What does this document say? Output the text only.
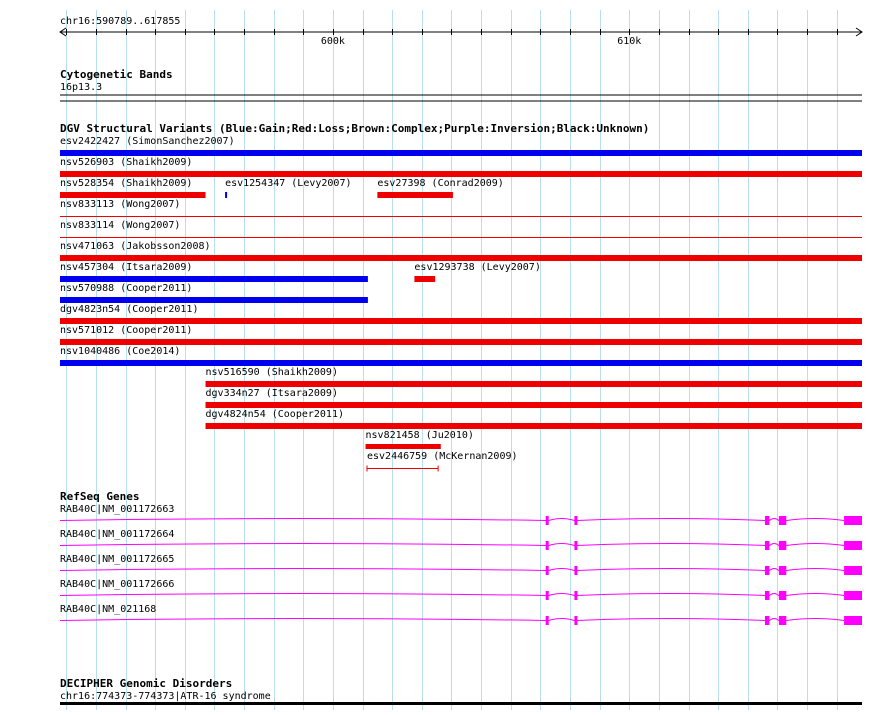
chr16:590789..617855
600k	610k
Cytogenetic Bands
16p13.3
DGV Structural Variants (Blue:Gain;Red:Loss;Brown:Complex;Purple:Inversion;Black:Unknown)
esv2422427 (SimonSanchez2007)
nsv526903 (Shaikh2009)
nsv528354 (Shaikh2009)	esv1254347 (Levy2007)	esv27398 (Conrad2009)
nsv833113 (Wong2007)
nsv833114 (Wong2007)
nsv471063 (Jakobsson2008)
nsv457304 (Itsara2009)	esv1293738 (Levy2007)
nsv570988 (Cooper2011)
dgv4823n54 (Cooper2011)
nsv571012 (Cooper2011)
nsv1040486 (Coe2014)
nsv516590 (Shaikh2009)
dgv334n27 (Itsara2009)
dgv4824n54 (Cooper2011)
nsv821458 (Ju2010)
esv2446759 (McKernan2009)
RefSeq Genes
RAB40C|NM_001172663
RAB40C|NM_001172664
RAB40C|NM_001172665
RAB40C|NM_001172666
RAB40C|NM_021168
DECIPHER Genomic Disorders
chr16:774373-774373|ATR-16 syndrome
